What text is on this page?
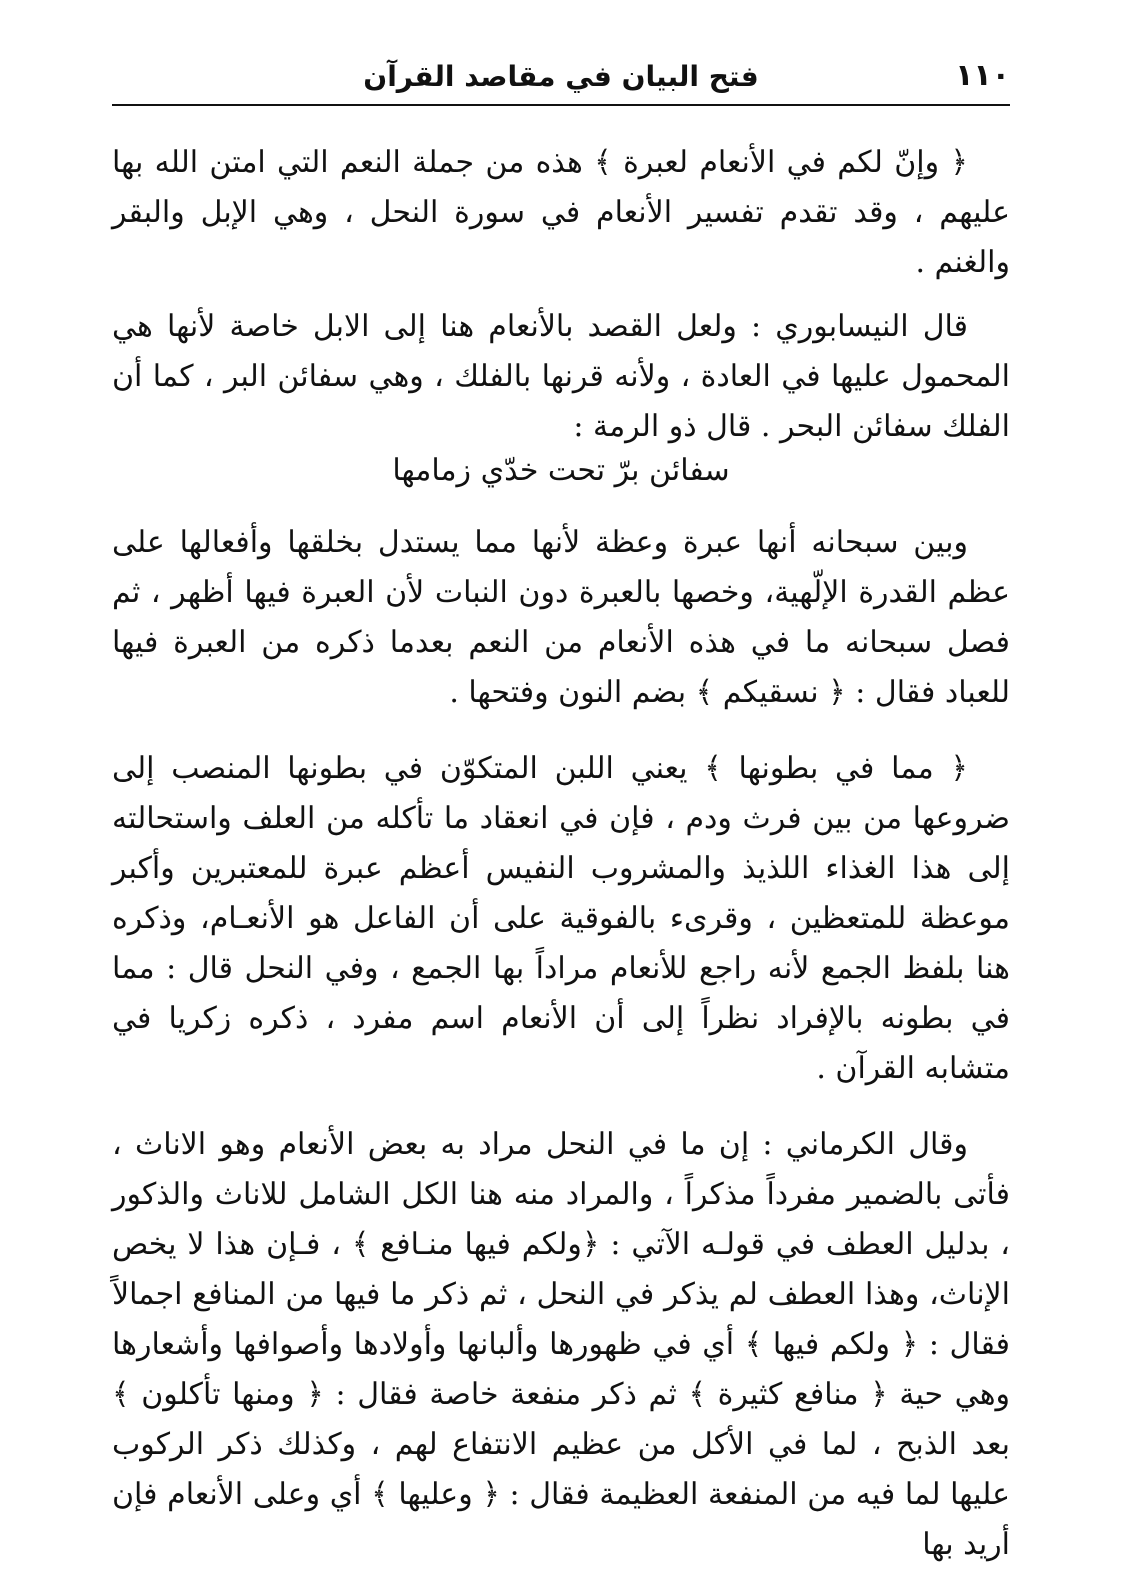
١١٠
فتح البيان في مقاصد القرآن

﴿ وإنّ لكم في الأنعام لعبرة ﴾ هذه من جملة النعم التي امتن الله بها عليهم ، وقد تقدم تفسير الأنعام في سورة النحل ، وهي الإبل والبقر والغنم .

قال النيسابوري : ولعل القصد بالأنعام هنا إلى الابل خاصة لأنها هي المحمول عليها في العادة ، ولأنه قرنها بالفلك ، وهي سفائن البر ، كما أن الفلك سفائن البحر . قال ذو الرمة :

سفائن برّ تحت خدّي زمامها

وبين سبحانه أنها عبرة وعظة لأنها مما يستدل بخلقها وأفعالها على عظم القدرة الإلّهية، وخصها بالعبرة دون النبات لأن العبرة فيها أظهر ، ثم فصل سبحانه ما في هذه الأنعام من النعم بعدما ذكره من العبرة فيها للعباد فقال : ﴿ نسقيكم ﴾ بضم النون وفتحها .

﴿ مما في بطونها ﴾ يعني اللبن المتكوّن في بطونها المنصب إلى ضروعها من بين فرث ودم ، فإن في انعقاد ما تأكله من العلف واستحالته إلى هذا الغذاء اللذيذ والمشروب النفيس أعظم عبرة للمعتبرين وأكبر موعظة للمتعظين ، وقرىء بالفوقية على أن الفاعل هو الأنعـام، وذكره هنا بلفظ الجمع لأنه راجع للأنعام مراداً بها الجمع ، وفي النحل قال : مما في بطونه بالإفراد نظراً إلى أن الأنعام اسم مفرد ، ذكره زكريا في متشابه القرآن .

وقال الكرماني : إن ما في النحل مراد به بعض الأنعام وهو الاناث ، فأتى بالضمير مفرداً مذكراً ، والمراد منه هنا الكل الشامل للاناث والذكور ، بدليل العطف في قولـه الآتي : ﴿ولكم فيها منـافع ﴾ ، فـإن هذا لا يخص الإناث، وهذا العطف لم يذكر في النحل ، ثم ذكر ما فيها من المنافع اجمالاً فقال : ﴿ ولكم فيها ﴾ أي في ظهورها وألبانها وأولادها وأصوافها وأشعارها وهي حية ﴿ منافع كثيرة ﴾ ثم ذكر منفعة خاصة فقال : ﴿ ومنها تأكلون ﴾ بعد الذبح ، لما في الأكل من عظيم الانتفاع لهم ، وكذلك ذكر الركوب عليها لما فيه من المنفعة العظيمة فقال : ﴿ وعليها ﴾ أي وعلى الأنعام فإن أريد بها
